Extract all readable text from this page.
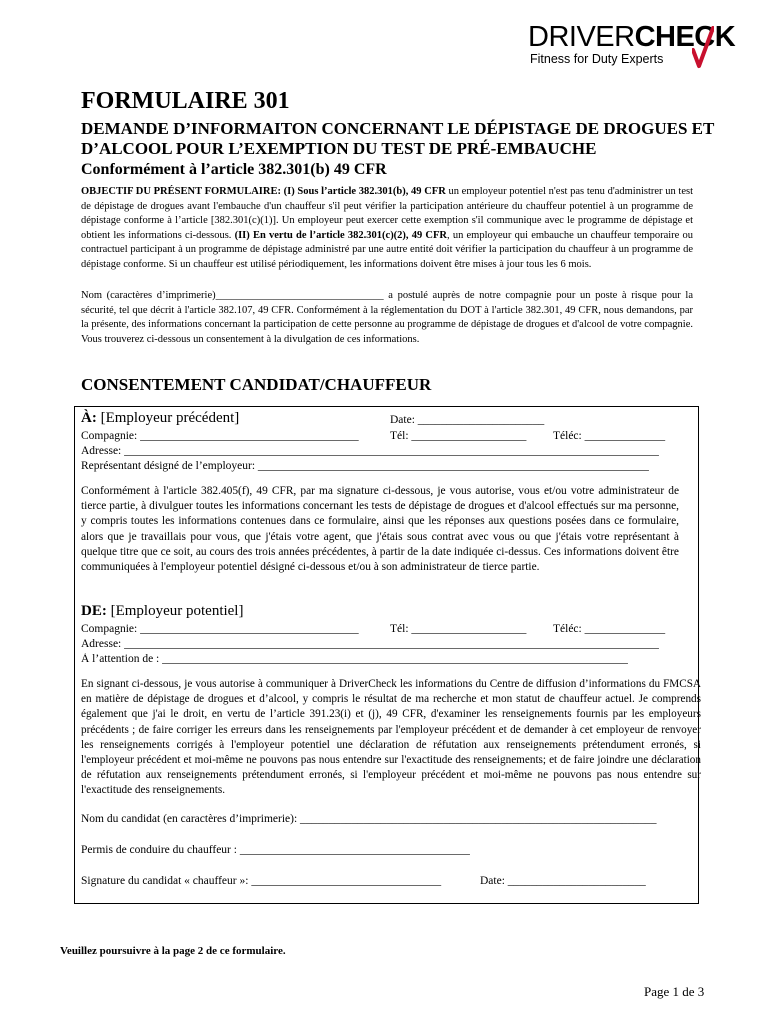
DRIVERCHECK
Fitness for Duty Experts
FORMULAIRE 301
DEMANDE D’INFORMAITON CONCERNANT LE DÉPISTAGE DE DROGUES ET D’ALCOOL POUR L’EXEMPTION DU TEST DE PRÉ-EMBAUCHE
Conformément à l’article 382.301(b) 49 CFR
OBJECTIF DU PRÉSENT FORMULAIRE: (I) Sous l’article 382.301(b), 49 CFR un employeur potentiel n'est pas tenu d'administrer un test de dépistage de drogues avant l'embauche d'un chauffeur s'il peut vérifier la participation antérieure du chauffeur potentiel à un programme de dépistage conforme à l’article [382.301(c)(1)]. Un employeur peut exercer cette exemption s'il communique avec le programme de dépistage et obtient les informations ci-dessous. (II) En vertu de l’article 382.301(c)(2), 49 CFR, un employeur qui embauche un chauffeur temporaire ou contractuel participant à un programme de dépistage administré par une autre entité doit vérifier la participation du chauffeur à un programme de dépistage conforme. Si un chauffeur est utilisé périodiquement, les informations doivent être mises à jour tous les 6 mois.
Nom (caractères d’imprimerie)________________________________ a postulé auprès de notre compagnie pour un poste à risque pour la sécurité, tel que décrit à l'article 382.107, 49 CFR. Conformément à la réglementation du DOT à l'article 382.301, 49 CFR, nous demandons, par la présente, des informations concernant la participation de cette personne au programme de dépistage de drogues et d'alcool de votre compagnie. Vous trouverez ci-dessous un consentement à la divulgation de ces informations.
CONSENTEMENT CANDIDAT/CHAUFFEUR
À: [Employeur précédent]	Date: ______________________
Compagnie: ______________________________________	Tél: ____________________ Téléc: ______________
Adresse: _____________________________________________________________________________________________
Représentant désigné de l’employeur: ____________________________________________________________________
Conformément à l'article 382.405(f), 49 CFR, par ma signature ci-dessous, je vous autorise, vous et/ou votre administrateur de tierce partie, à divulguer toutes les informations concernant les tests de dépistage de drogues et d'alcool effectués sur ma personne, y compris toutes les informations contenues dans ce formulaire, ainsi que les réponses aux questions posées dans ce formulaire, alors que je travaillais pour vous, que j'étais votre agent, que j'étais sous contrat avec vous ou que j'étais votre représentant à quelque titre que ce soit, au cours des trois années précédentes, à partir de la date indiquée ci-dessus. Ces informations doivent être communiquées à l'employeur potentiel désigné ci-dessous et/ou à son administrateur de tierce partie.
DE: [Employeur potentiel]
Compagnie: ______________________________________	Tél: ____________________ Téléc: ______________
Adresse: _____________________________________________________________________________________________
À l’attention de : _________________________________________________________________________________
En signant ci-dessous, je vous autorise à communiquer à DriverCheck les informations du Centre de diffusion d’informations du FMCSA en matière de dépistage de drogues et d’alcool, y compris le résultat de ma recherche et mon statut de chauffeur actuel. Je comprends également que j'ai le droit, en vertu de l’article 391.23(i) et (j), 49 CFR, d'examiner les renseignements fournis par les employeurs précédents ; de faire corriger les erreurs dans les renseignements par l'employeur précédent et de demander à cet employeur de renvoyer les renseignements corrigés à l'employeur potentiel une déclaration de réfutation aux renseignements prétendument erronés, si l'employeur précédent et moi-même ne pouvons pas nous entendre sur l'exactitude des renseignements; et de faire joindre une déclaration de réfutation aux renseignements prétendument erronés, si l'employeur précédent et moi-même ne pouvons pas nous entendre sur l'exactitude des renseignements.
Nom du candidat (en caractères d’imprimerie): ______________________________________________________________
Permis de conduire du chauffeur : ________________________________________
Signature du candidat « chauffeur »: _________________________________	Date: ________________________
Veuillez poursuivre à la page 2 de ce formulaire.
Page 1 de 3
